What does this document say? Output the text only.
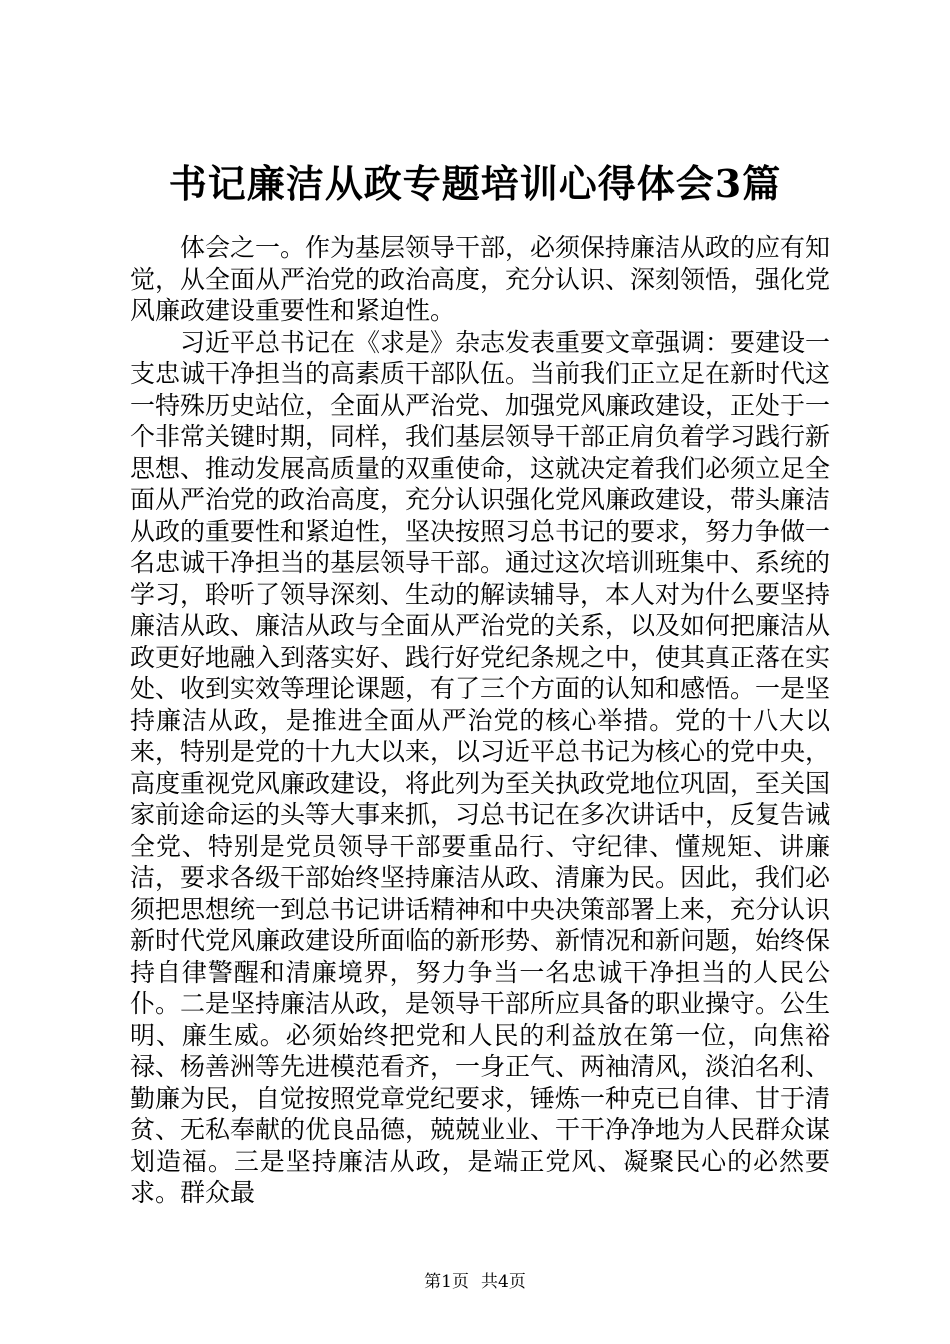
书记廉洁从政专题培训心得体会3篇

体会之一。作为基层领导干部，必须保持廉洁从政的应有知觉，从全面从严治党的政治高度，充分认识、深刻领悟，强化党风廉政建设重要性和紧迫性。

习近平总书记在《求是》杂志发表重要文章强调：要建设一支忠诚干净担当的高素质干部队伍。当前我们正立足在新时代这一特殊历史站位，全面从严治党、加强党风廉政建设，正处于一个非常关键时期，同样，我们基层领导干部正肩负着学习践行新思想、推动发展高质量的双重使命，这就决定着我们必须立足全面从严治党的政治高度，充分认识强化党风廉政建设，带头廉洁从政的重要性和紧迫性，坚决按照习总书记的要求，努力争做一名忠诚干净担当的基层领导干部。通过这次培训班集中、系统的学习，聆听了领导深刻、生动的解读辅导，本人对为什么要坚持廉洁从政、廉洁从政与全面从严治党的关系，以及如何把廉洁从政更好地融入到落实好、践行好党纪条规之中，使其真正落在实处、收到实效等理论课题，有了三个方面的认知和感悟。一是坚持廉洁从政，是推进全面从严治党的核心举措。党的十八大以来，特别是党的十九大以来，以习近平总书记为核心的党中央，高度重视党风廉政建设，将此列为至关执政党地位巩固，至关国家前途命运的头等大事来抓，习总书记在多次讲话中，反复告诫全党、特别是党员领导干部要重品行、守纪律、懂规矩、讲廉洁，要求各级干部始终坚持廉洁从政、清廉为民。因此，我们必须把思想统一到总书记讲话精神和中央决策部署上来，充分认识新时代党风廉政建设所面临的新形势、新情况和新问题，始终保持自律警醒和清廉境界，努力争当一名忠诚干净担当的人民公仆。二是坚持廉洁从政，是领导干部所应具备的职业操守。公生明、廉生威。必须始终把党和人民的利益放在第一位，向焦裕禄、杨善洲等先进模范看齐，一身正气、两袖清风，淡泊名利、勤廉为民，自觉按照党章党纪要求，锤炼一种克已自律、甘于清贫、无私奉献的优良品德，兢兢业业、干干净净地为人民群众谋划造福。三是坚持廉洁从政，是端正党风、凝聚民心的必然要求。群众最

第1页 共4页
